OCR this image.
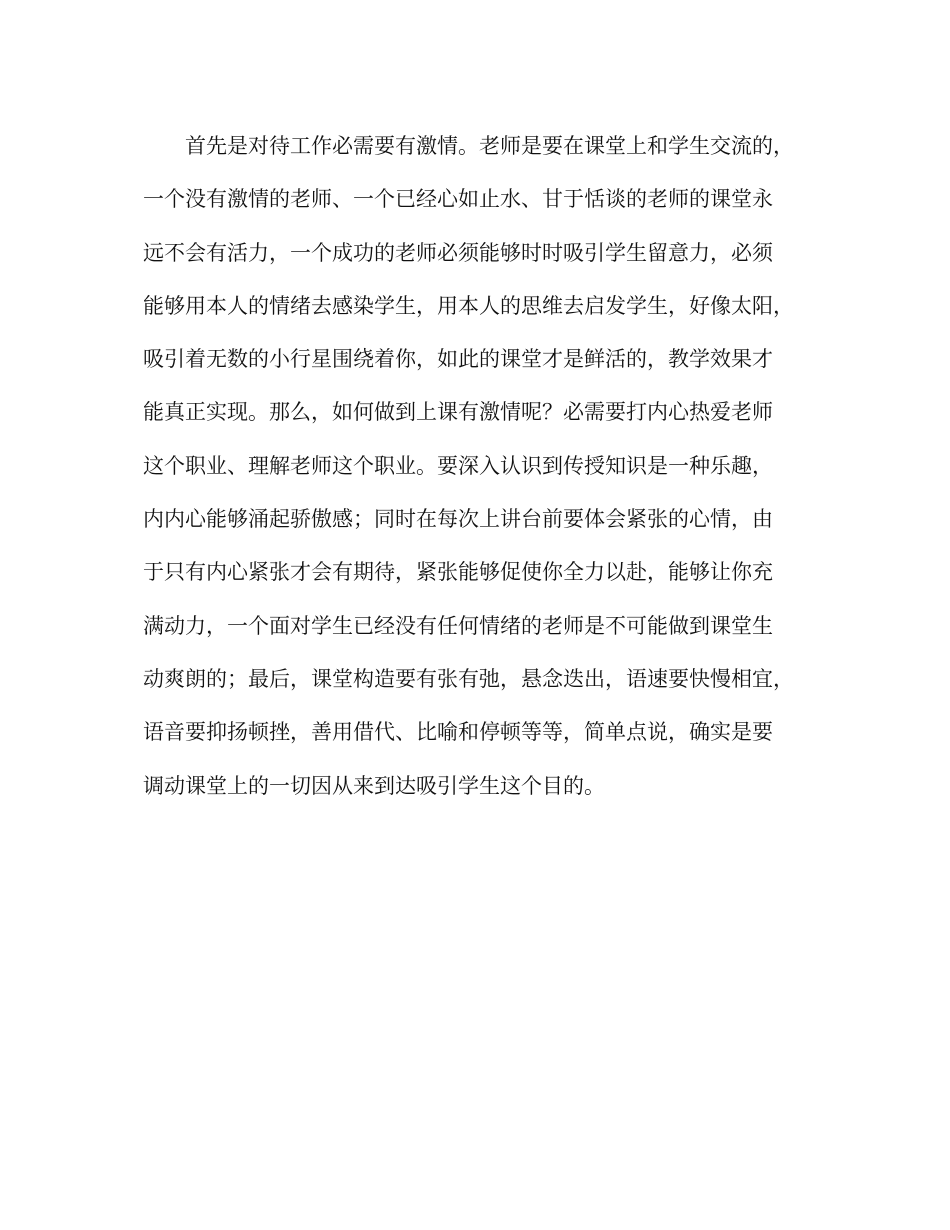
　　首先是对待工作必需要有激情。老师是要在课堂上和学生交流的，
一个没有激情的老师、一个已经心如止水、甘于恬谈的老师的课堂永
远不会有活力，一个成功的老师必须能够时时吸引学生留意力，必须
能够用本人的情绪去感染学生，用本人的思维去启发学生，好像太阳，
吸引着无数的小行星围绕着你，如此的课堂才是鲜活的，教学效果才
能真正实现。那么，如何做到上课有激情呢？必需要打内心热爱老师
这个职业、理解老师这个职业。要深入认识到传授知识是一种乐趣，
内内心能够涌起骄傲感；同时在每次上讲台前要体会紧张的心情，由
于只有内心紧张才会有期待，紧张能够促使你全力以赴，能够让你充
满动力，一个面对学生已经没有任何情绪的老师是不可能做到课堂生
动爽朗的；最后，课堂构造要有张有弛，悬念迭出，语速要快慢相宜，
语音要抑扬顿挫，善用借代、比喻和停顿等等，简单点说，确实是要
调动课堂上的一切因从来到达吸引学生这个目的。
